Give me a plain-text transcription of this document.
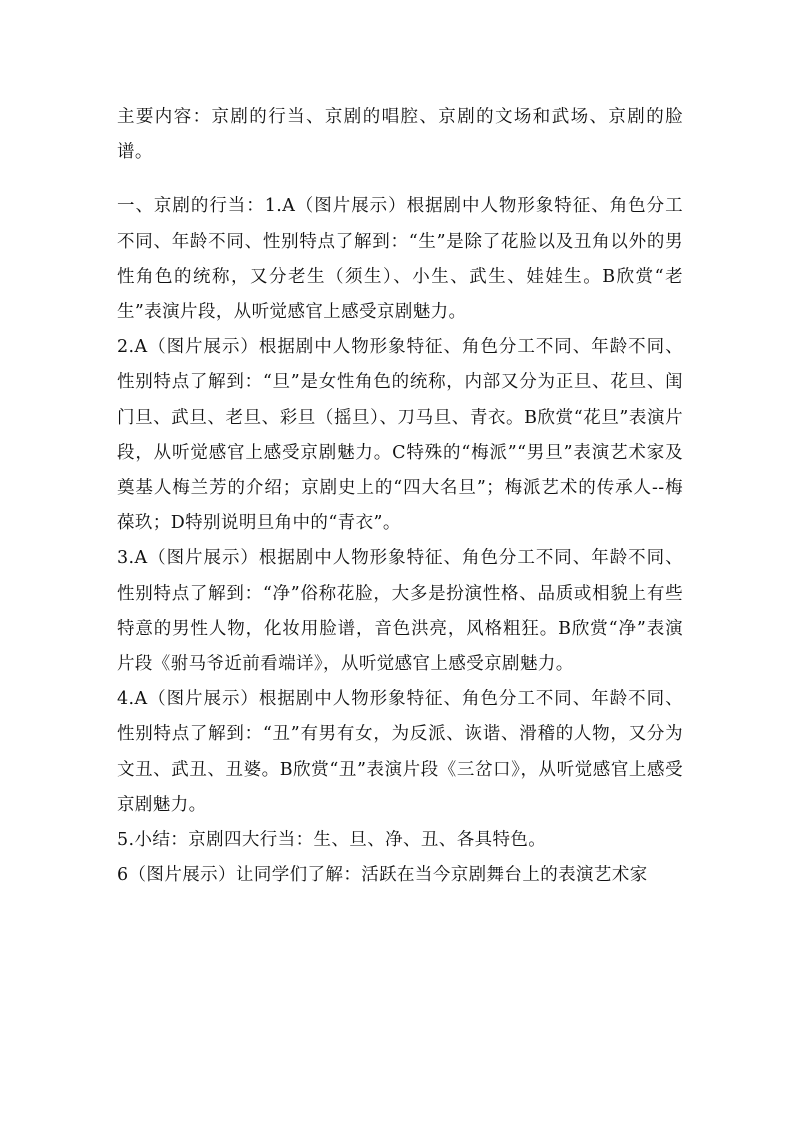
主要内容：京剧的行当、京剧的唱腔、京剧的文场和武场、京剧的脸谱。

一、京剧的行当：1.A（图片展示）根据剧中人物形象特征、角色分工不同、年龄不同、性别特点了解到：“生”是除了花脸以及丑角以外的男性角色的统称，又分老生（须生）、小生、武生、娃娃生。B欣赏“老生”表演片段，从听觉感官上感受京剧魅力。

2.A（图片展示）根据剧中人物形象特征、角色分工不同、年龄不同、性别特点了解到：“旦”是女性角色的统称，内部又分为正旦、花旦、闺门旦、武旦、老旦、彩旦（摇旦）、刀马旦、青衣。B欣赏“花旦”表演片段，从听觉感官上感受京剧魅力。C特殊的“梅派”“男旦”表演艺术家及奠基人梅兰芳的介绍；京剧史上的“四大名旦”；梅派艺术的传承人--梅葆玖；D特别说明旦角中的“青衣”。

3.A（图片展示）根据剧中人物形象特征、角色分工不同、年龄不同、性别特点了解到：“净”俗称花脸，大多是扮演性格、品质或相貌上有些特意的男性人物，化妆用脸谱，音色洪亮，风格粗狂。B欣赏“净”表演片段《驸马爷近前看端详》，从听觉感官上感受京剧魅力。

4.A（图片展示）根据剧中人物形象特征、角色分工不同、年龄不同、性别特点了解到：“丑”有男有女，为反派、诙谐、滑稽的人物，又分为文丑、武丑、丑婆。B欣赏“丑”表演片段《三岔口》，从听觉感官上感受京剧魅力。

5.小结：京剧四大行当：生、旦、净、丑、各具特色。

6（图片展示）让同学们了解：活跃在当今京剧舞台上的表演艺术家
